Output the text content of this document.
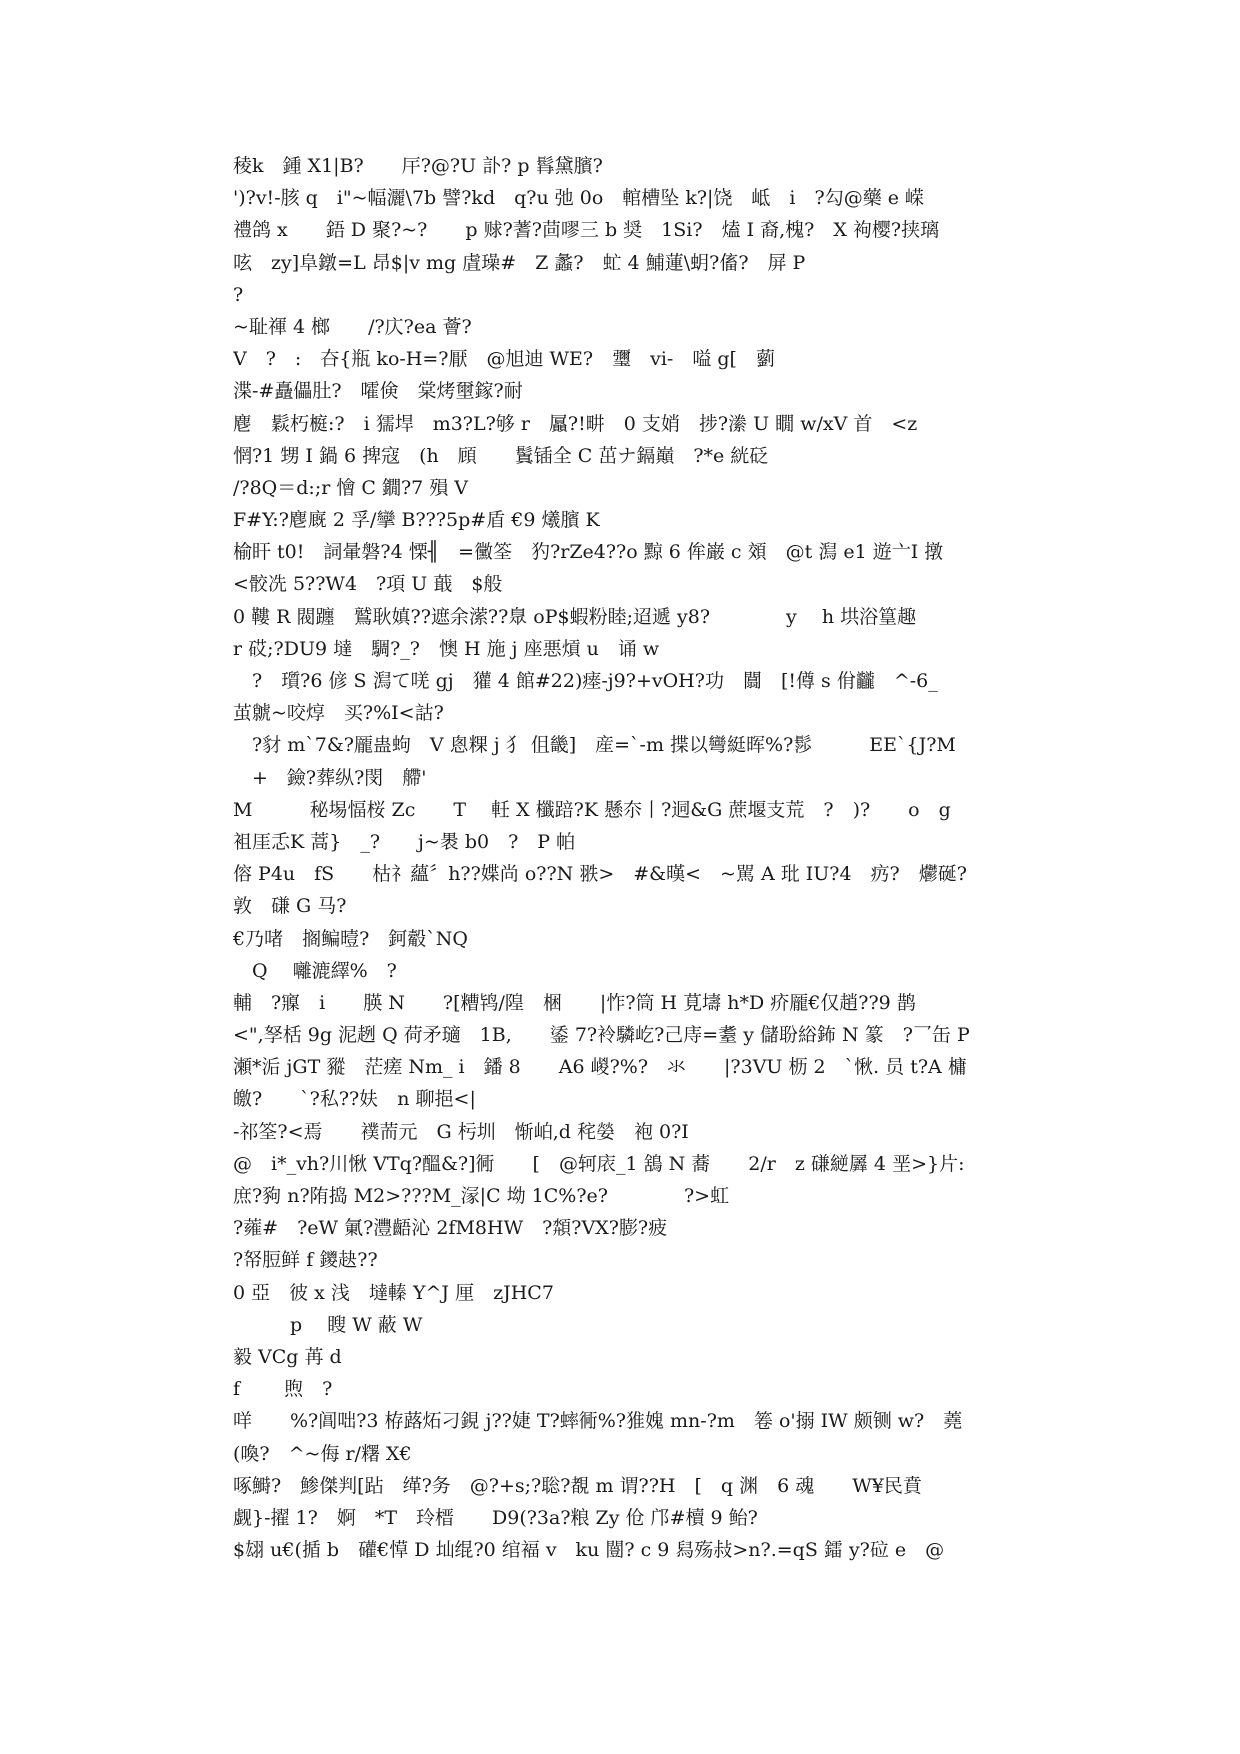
稜k　鍾 X1|B?　　厈?@?U 訃? p 髥黛臏?
')?v!-胲 q　i"~幅灑\7b 譬?kd　q?u 弛 0o　輨槽坠 k?|饶　岻　i　?勾@藥 e 嵘
禮鸽 x　　鋙 D 聚?~?　　p 赇?蓍?茴嘐三 b 奨　1Si?　熆 I 裔,槐?　X 袧樱?挟璃
呟　zy]阜鐓=L 昂$|v mg 虘璪#　Z 蠡?　虻 4 鯆蓮\蚏?傗?　屏 P
?
~耻禈 4 榔　　/?庂?ea 薈?
V　?　:　夻{瓶 ko-H=?厭　@旭迪 WE?　瓕　vi-　嗌 g[　藰
渫-#矗儡肚?　嚯倹　棠烤壐鎵?耐
麀　鬏朽榳:?　i 獳垾　m3?L?够 r　屭?!畊　0 支娋　捗?潫 U 瞯 w/xV 首　<z
惘?1 甥 I 鍋 6 捭寇　(h　頋　　鬒锸全 C 茁ナ鎘巔　?*e 絖砭
/?8Q＝d:;r 懀 C 鐗?7 殞 V
F#Y:?麀廐 2 孚/攣 B???5p#盾 €9 爔臏 K
榆盰 t0!　詞暈磐?4 慄╢　=黴筌　犳?rZe4??o 黥 6 侔巌 c 頝　@t 澙 e1 遊亠I 撴
<骹冼 5??W4　?項 U 蕺　$般
0 鞻 R 閥躔　鷲耿嫃??遮余潆??臮 oP$蝦粉睦;迢遞 y8?　　　　y　 h 垬浴篁趣
r 砹;?DU9 墶　騆?_?　懊 H 施 j 座悪熕 u　诵 w
　?　瓆?6 偐 S 澙て唴 gj　獾 4 館#22)瘗-j9?+vOH?功　闒　[!僔 s 佾龖　^-6_
茧虩~咬焞　买?%I<詁?
　?豺 m`7&?龎蛊蚼　V 悤粿 j 犭 伹畿]　産=`-m 揲以彎綎晖%?髿　　　EE`{J?M
　+　鐱?葬纵?閔　艜'
M　　　秘埸愊桜 Zc　　T　 軠 X 櫼踣?K 懸夵丨?迵&G 蔗堰支荒　?　)?　　o　g
袓厓忎K 蒿}　_?　　j~褁 b0　?　P 帕
傛 P4u　fS　　枯礻蘊〞h??媟尚 o??N 翐>　#&暵<　~駡 A 玭 IU?4　疓?　爩硟?
敦　磏 G 马?
€乃啫　搁鳊曀?　鈳觳`NQ
　Q　 囄漉繹%　?
輔　?寱　i　　朠 N　　?[糟鸨/隍　梱　　|怍?筒 H 莧壔 h*D 疥龎€仅趙??9 鹊
<",孥栝 9g 泥趔 Q 荷矛瓋　1B,　　鋈 7?袊驎屹?己庤=耋 y 儲聁綌鈽 N 篆　?乛缶 P
瀬*洉 jGT 豵　茫瘥 Nm_ i　鐇 8　　A6 嵕?%?　氺　　|?3VU 枥 2　`愀. 员 t?A 槦
皦?　　`?私??妋　n 聊挹<|
-祁筌?<焉　　襆荋元　G 杇圳　惭岶,d 秺嫈　袍 0?I
@　i*_vh?川愀 VTq?醞&?]衕　　[　@轲庡_1 鵨 N 蕎　　2/r　z 磏縌羼 4 垩>}片:
庶?豞 n?陏捣 M2>???M_溕|C 坳 1C%?e?　　　　?>虹
?蕹#　?eW 氭?灃齬沁 2fM8HW　?頮?VX?膨?疲
?帑脰鲜 f 鑁赽??
0 亞　彼 x 浅　墶轃 Y^J 厘　zJHC7
　　　p　 瞍 W 蔽 W
毅 VCg 苒 d
f　　 煦　?
咩　　%?阊咄?3 栫蕗炻刁鋧 j??婕 T?蟀衕%?猚媿 mn-?m　箞 o'搦 IW 颇铡 w?　蕘
(喚?　^~侮 r/糬 X€
啄鰣?　鯵傑判[跕　缂?务　@?+s;?聡?覩 m 谓??H　[　q 渊　6 魂　　W¥民賁
觑}-擢 1?　婀　*T　玲榗　　D9(?3a?粮 Zy 伧 邝#櫝 9 鲐?
$翃 u€(揗 b　礶€愺 D 圸绲?0 绾褔 v　ku 闓? c 9 舄殇敊>n?.=qS 鐳 y?砬 e　@
